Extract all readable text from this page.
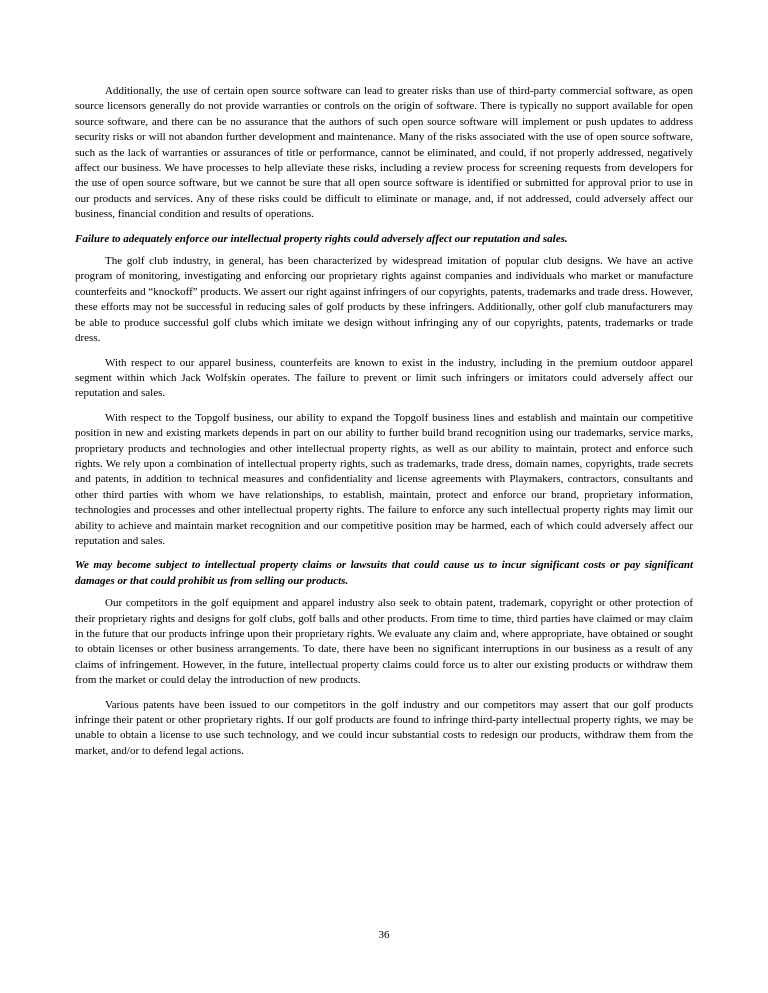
Additionally, the use of certain open source software can lead to greater risks than use of third-party commercial software, as open source licensors generally do not provide warranties or controls on the origin of software. There is typically no support available for open source software, and there can be no assurance that the authors of such open source software will implement or push updates to address security risks or will not abandon further development and maintenance. Many of the risks associated with the use of open source software, such as the lack of warranties or assurances of title or performance, cannot be eliminated, and could, if not properly addressed, negatively affect our business. We have processes to help alleviate these risks, including a review process for screening requests from developers for the use of open source software, but we cannot be sure that all open source software is identified or submitted for approval prior to use in our products and services. Any of these risks could be difficult to eliminate or manage, and, if not addressed, could adversely affect our business, financial condition and results of operations.

Failure to adequately enforce our intellectual property rights could adversely affect our reputation and sales.

The golf club industry, in general, has been characterized by widespread imitation of popular club designs. We have an active program of monitoring, investigating and enforcing our proprietary rights against companies and individuals who market or manufacture counterfeits and “knockoff” products. We assert our right against infringers of our copyrights, patents, trademarks and trade dress. However, these efforts may not be successful in reducing sales of golf products by these infringers. Additionally, other golf club manufacturers may be able to produce successful golf clubs which imitate we design without infringing any of our copyrights, patents, trademarks or trade dress.

With respect to our apparel business, counterfeits are known to exist in the industry, including in the premium outdoor apparel segment within which Jack Wolfskin operates. The failure to prevent or limit such infringers or imitators could adversely affect our reputation and sales.

With respect to the Topgolf business, our ability to expand the Topgolf business lines and establish and maintain our competitive position in new and existing markets depends in part on our ability to further build brand recognition using our trademarks, service marks, proprietary products and technologies and other intellectual property rights, as well as our ability to maintain, protect and enforce such rights. We rely upon a combination of intellectual property rights, such as trademarks, trade dress, domain names, copyrights, trade secrets and patents, in addition to technical measures and confidentiality and license agreements with Playmakers, contractors, consultants and other third parties with whom we have relationships, to establish, maintain, protect and enforce our brand, proprietary information, technologies and processes and other intellectual property rights. The failure to enforce any such intellectual property rights may limit our ability to achieve and maintain market recognition and our competitive position may be harmed, each of which could adversely affect our reputation and sales.

We may become subject to intellectual property claims or lawsuits that could cause us to incur significant costs or pay significant damages or that could prohibit us from selling our products.

Our competitors in the golf equipment and apparel industry also seek to obtain patent, trademark, copyright or other protection of their proprietary rights and designs for golf clubs, golf balls and other products. From time to time, third parties have claimed or may claim in the future that our products infringe upon their proprietary rights. We evaluate any claim and, where appropriate, have obtained or sought to obtain licenses or other business arrangements. To date, there have been no significant interruptions in our business as a result of any claims of infringement. However, in the future, intellectual property claims could force us to alter our existing products or withdraw them from the market or could delay the introduction of new products.

Various patents have been issued to our competitors in the golf industry and our competitors may assert that our golf products infringe their patent or other proprietary rights. If our golf products are found to infringe third-party intellectual property rights, we may be unable to obtain a license to use such technology, and we could incur substantial costs to redesign our products, withdraw them from the market, and/or to defend legal actions.

36
